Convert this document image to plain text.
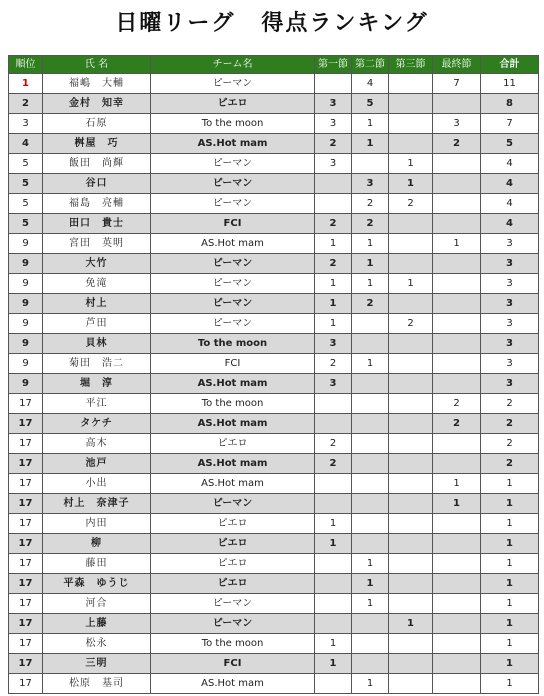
日曜リーグ 得点ランキング
順位	氏 名	チーム名	第一節	第二節	第三節	最終節	合計
1	福嶋　大輔	ピーマン		4		7	11
2	金村　知幸	ピエロ	3	5			8
3	石原	To the moon	3	1		3	7
4	桝屋　巧	AS.Hot mam	2	1		2	5
5	飯田　尚輝	ピーマン	3		1		4
5	谷口	ピーマン		3	1		4
5	福島　亮輔	ピーマン		2	2		4
5	田口　貴士	FCI	2	2			4
9	宮田　英明	AS.Hot mam	1	1		1	3
9	大竹	ピーマン	2	1			3
9	免滝	ピーマン	1	1	1		3
9	村上	ピーマン	1	2			3
9	芦田	ピーマン	1		2		3
9	貝林	To the moon	3				3
9	菊田　浩二	FCI	2	1			3
9	堀　淳	AS.Hot mam	3				3
17	平江	To the moon				2	2
17	タケチ	AS.Hot mam				2	2
17	高木	ピエロ	2				2
17	池戸	AS.Hot mam	2				2
17	小出	AS.Hot mam				1	1
17	村上　奈津子	ピーマン				1	1
17	内田	ピエロ	1				1
17	柳	ピエロ	1				1
17	藤田	ピエロ		1			1
17	平森　ゆうじ	ピエロ		1			1
17	河合	ピーマン		1			1
17	上藤	ピーマン			1		1
17	松永	To the moon	1				1
17	三明	FCI	1				1
17	松原　基司	AS.Hot mam		1			1
